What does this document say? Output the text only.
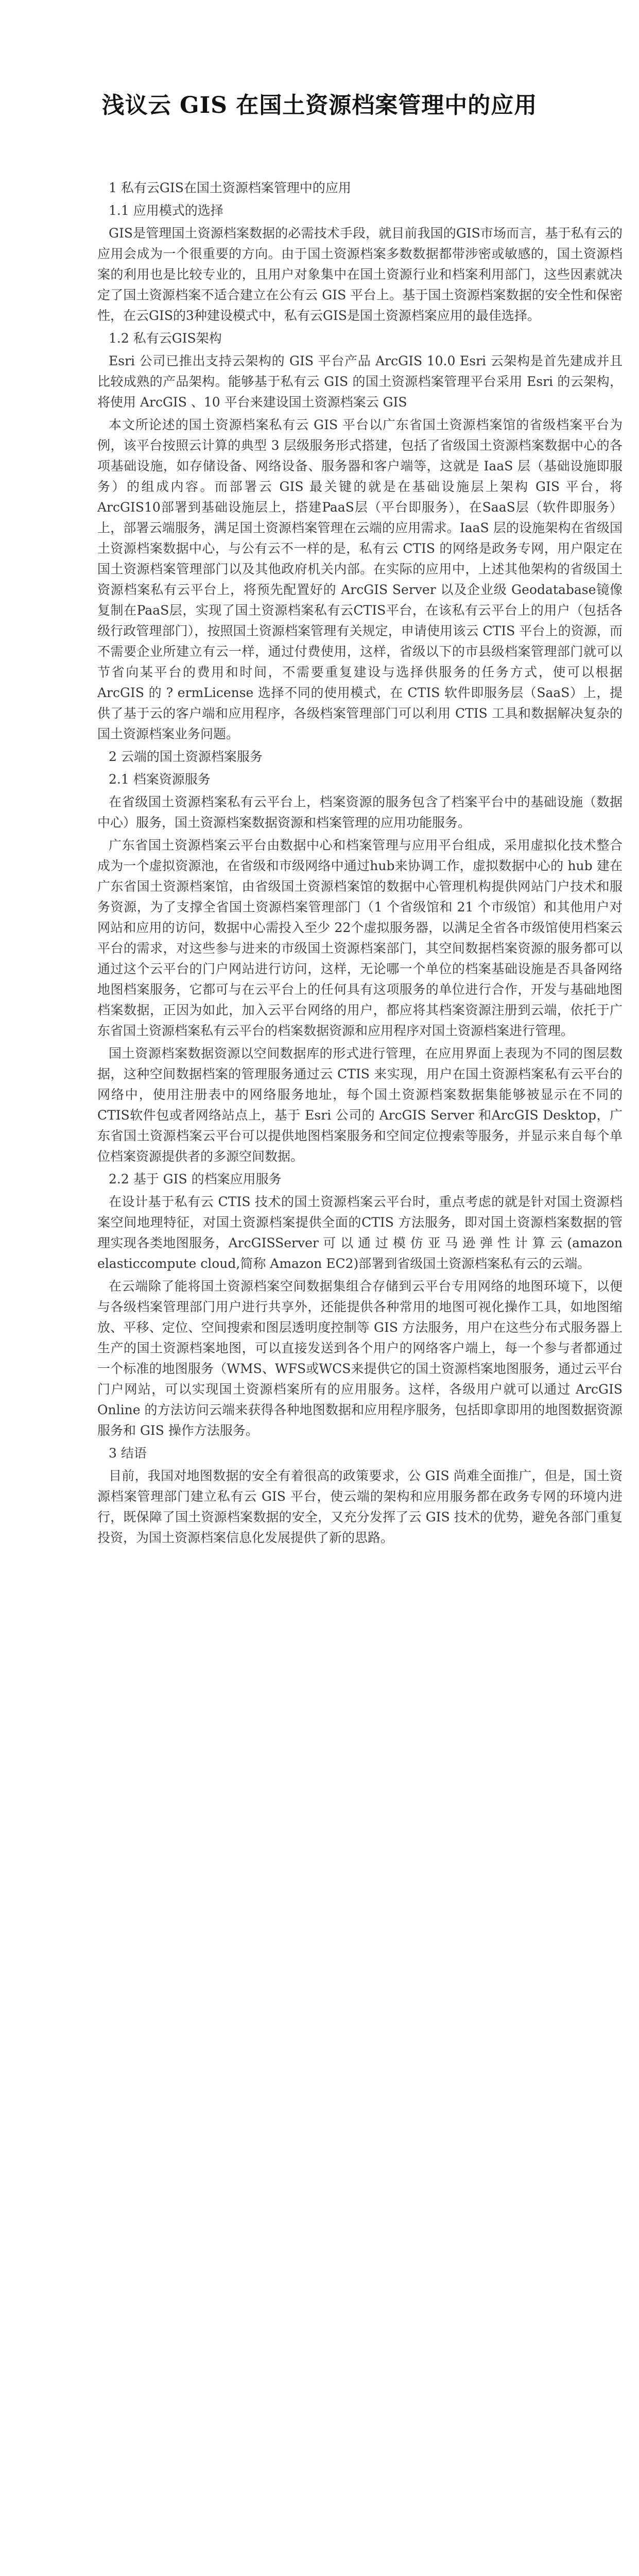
浅议云 GIS 在国土资源档案管理中的应用

1 私有云GIS在国土资源档案管理中的应用

1.1 应用模式的选择

GIS是管理国土资源档案数据的必需技术手段，就目前我国的GIS市场而言，基于私有云的应用会成为一个很重要的方向。由于国土资源档案多数数据都带涉密或敏感的，国土资源档案的利用也是比较专业的，且用户对象集中在国土资源行业和档案利用部门，这些因素就决定了国土资源档案不适合建立在公有云 GIS 平台上。基于国土资源档案数据的安全性和保密性，在云GIS的3种建设模式中，私有云GIS是国土资源档案应用的最佳选择。

1.2 私有云GIS架构

Esri 公司已推出支持云架构的 GIS 平台产品 ArcGIS 10.0 Esri 云架构是首先建成并且比较成熟的产品架构。能够基于私有云 GIS 的国土资源档案管理平台采用 Esri 的云架构，将使用 ArcGIS 、10 平台来建设国土资源档案云 GIS

本文所论述的国土资源档案私有云 GIS 平台以广东省国土资源档案馆的省级档案平台为例，该平台按照云计算的典型 3 层级服务形式搭建，包括了省级国土资源档案数据中心的各项基础设施，如存储设备、网络设备、服务器和客户端等，这就是 IaaS 层（基础设施即服务）的组成内容。而部署云 GIS 最关键的就是在基础设施层上架构 GIS 平台，将ArcGIS10部署到基础设施层上，搭建PaaS层（平台即服务），在SaaS层（软件即服务）上，部署云端服务，满足国土资源档案管理在云端的应用需求。IaaS 层的设施架构在省级国土资源档案数据中心，与公有云不一样的是，私有云 CTIS 的网络是政务专网，用户限定在国土资源档案管理部门以及其他政府机关内部。在实际的应用中，上述其他架构的省级国土资源档案私有云平台上，将预先配置好的 ArcGIS Server 以及企业级 Geodatabase镜像复制在PaaS层，实现了国土资源档案私有云CTIS平台，在该私有云平台上的用户（包括各级行政管理部门），按照国土资源档案管理有关规定，申请使用该云 CTIS 平台上的资源，而不需要企业所建立有云一样，通过付费使用，这样，省级以下的市县级档案管理部门就可以节省向某平台的费用和时间，不需要重复建设与选择供服务的任务方式，使可以根据 ArcGIS 的 ? ermLicense 选择不同的使用模式，在 CTIS 软件即服务层（SaaS）上，提供了基于云的客户端和应用程序，各级档案管理部门可以利用 CTIS 工具和数据解决复杂的国土资源档案业务问题。

2 云端的国土资源档案服务

2.1 档案资源服务

在省级国土资源档案私有云平台上，档案资源的服务包含了档案平台中的基础设施（数据中心）服务，国土资源档案数据资源和档案管理的应用功能服务。

广东省国土资源档案云平台由数据中心和档案管理与应用平台组成，采用虚拟化技术整合成为一个虚拟资源池，在省级和市级网络中通过hub来协调工作，虚拟数据中心的 hub 建在广东省国土资源档案馆，由省级国土资源档案馆的数据中心管理机构提供网站门户技术和服务资源，为了支撑全省国土资源档案管理部门（1 个省级馆和 21 个市级馆）和其他用户对网站和应用的访问，数据中心需投入至少 22个虚拟服务器，以满足全省各市级馆使用档案云平台的需求，对这些参与进来的市级国土资源档案部门，其空间数据档案资源的服务都可以通过这个云平台的门户网站进行访问，这样，无论哪一个单位的档案基础设施是否具备网络地图档案服务，它都可与在云平台上的任何具有这项服务的单位进行合作，开发与基础地图档案数据，正因为如此，加入云平台网络的用户，都应将其档案资源注册到云端，依托于广东省国土资源档案私有云平台的档案数据资源和应用程序对国土资源档案进行管理。

国土资源档案数据资源以空间数据库的形式进行管理，在应用界面上表现为不同的图层数据，这种空间数据档案的管理服务通过云 CTIS 来实现，用户在国土资源档案私有云平台的网络中，使用注册表中的网络服务地址，每个国土资源档案数据集能够被显示在不同的 CTIS软件包或者网络站点上，基于 Esri 公司的 ArcGIS Server 和ArcGIS Desktop，广东省国土资源档案云平台可以提供地图档案服务和空间定位搜索等服务，并显示来自每个单位档案资源提供者的多源空间数据。

2.2 基于 GIS 的档案应用服务

在设计基于私有云 CTIS 技术的国土资源档案云平台时，重点考虑的就是针对国土资源档案空间地理特征，对国土资源档案提供全面的CTIS 方法服务，即对国土资源档案数据的管理实现各类地图服务，ArcGISServer 可 以 通 过 模 仿 亚 马 逊 弹 性 计 算 云 (amazon elasticcompute cloud,简称 Amazon EC2)部署到省级国土资源档案私有云的云端。

在云端除了能将国土资源档案空间数据集组合存储到云平台专用网络的地图环境下，以便与各级档案管理部门用户进行共享外，还能提供各种常用的地图可视化操作工具，如地图缩放、平移、定位、空间搜索和图层透明度控制等 GIS 方法服务，用户在这些分布式服务器上生产的国土资源档案地图，可以直接发送到各个用户的网络客户端上，每一个参与者都通过一个标准的地图服务（WMS、WFS或WCS来提供它的国土资源档案地图服务，通过云平台门户网站，可以实现国土资源档案所有的应用服务。这样，各级用户就可以通过 ArcGIS Online 的方法访问云端来获得各种地图数据和应用程序服务，包括即拿即用的地图数据资源服务和 GIS 操作方法服务。

3 结语

目前，我国对地图数据的安全有着很高的政策要求，公 GIS 尚难全面推广，但是，国土资源档案管理部门建立私有云 GIS 平台，使云端的架构和应用服务都在政务专网的环境内进行，既保障了国土资源档案数据的安全，又充分发挥了云 GIS 技术的优势，避免各部门重复投资，为国土资源档案信息化发展提供了新的思路。
